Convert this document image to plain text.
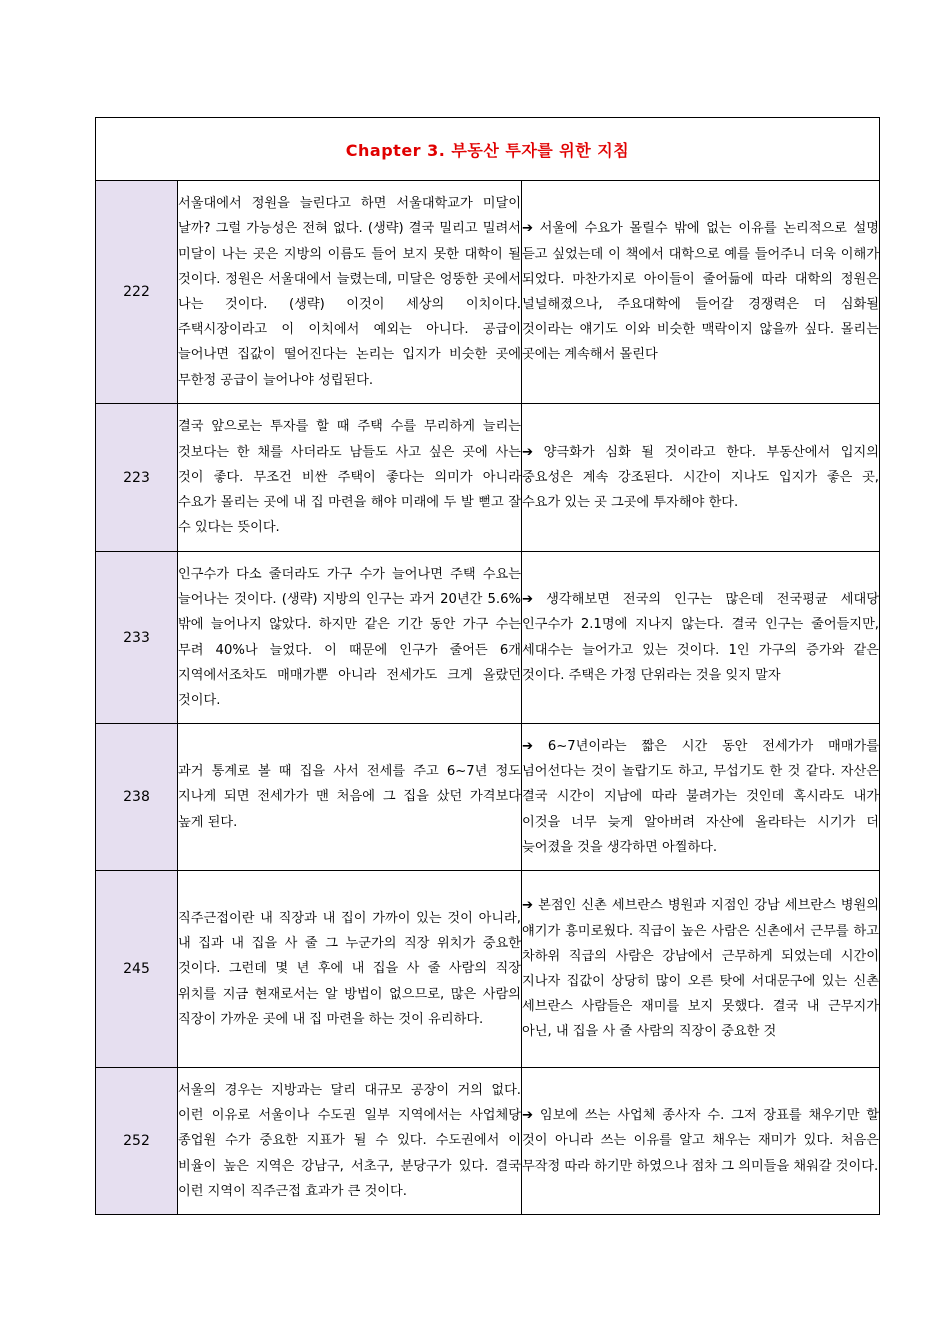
Chapter 3. 부동산 투자를 위한 지침		
222	서울대에서 정원을 늘린다고 하면 서울대학교가 미달이 날까? 그럴 가능성은 전혀 없다. (생략) 결국 밀리고 밀려서 미달이 나는 곳은 지방의 이름도 들어 보지 못한 대학이 될 것이다. 정원은 서울대에서 늘렸는데, 미달은 엉뚱한 곳에서 나는 것이다. (생략) 이것이 세상의 이치이다. 주택시장이라고 이 이치에서 예외는 아니다. 공급이 늘어나면 집값이 떨어진다는 논리는 입지가 비슷한 곳에 무한정 공급이 늘어나야 성립된다.	➔ 서울에 수요가 몰릴수 밖에 없는 이유를 논리적으로 설명 듣고 싶었는데 이 책에서 대학으로 예를 들어주니 더욱 이해가 되었다. 마찬가지로 아이들이 줄어듦에 따라 대학의 정원은 널널해졌으나, 주요대학에 들어갈 경쟁력은 더 심화될 것이라는 얘기도 이와 비슷한 맥락이지 않을까 싶다. 몰리는 곳에는 계속해서 몰린다
223	결국 앞으로는 투자를 할 때 주택 수를 무리하게 늘리는 것보다는 한 채를 사더라도 남들도 사고 싶은 곳에 사는 것이 좋다. 무조건 비싼 주택이 좋다는 의미가 아니라 수요가 몰리는 곳에 내 집 마련을 해야 미래에 두 발 뻗고 잘 수 있다는 뜻이다.	➔ 양극화가 심화 될 것이라고 한다. 부동산에서 입지의 중요성은 계속 강조된다. 시간이 지나도 입지가 좋은 곳, 수요가 있는 곳 그곳에 투자해야 한다.
233	인구수가 다소 줄더라도 가구 수가 늘어나면 주택 수요는 늘어나는 것이다. (생략) 지방의 인구는 과거 20년간 5.6%밖에 늘어나지 않았다. 하지만 같은 기간 동안 가구 수는 무려 40%나 늘었다. 이 때문에 인구가 줄어든 6개 지역에서조차도 매매가뿐 아니라 전세가도 크게 올랐던 것이다.	➔ 생각해보면 전국의 인구는 많은데 전국평균 세대당 인구수가 2.1명에 지나지 않는다. 결국 인구는 줄어들지만, 세대수는 늘어가고 있는 것이다. 1인 가구의 증가와 같은 것이다. 주택은 가정 단위라는 것을 잊지 말자
238	과거 통계로 볼 때 집을 사서 전세를 주고 6~7년 정도 지나게 되면 전세가가 맨 처음에 그 집을 샀던 가격보다 높게 된다.	➔ 6~7년이라는 짧은 시간 동안 전세가가 매매가를 넘어선다는 것이 놀랍기도 하고, 무섭기도 한 것 같다. 자산은 결국 시간이 지남에 따라 불려가는 것인데 혹시라도 내가 이것을 너무 늦게 알아버려 자산에 올라타는 시기가 더 늦어졌을 것을 생각하면 아찔하다.
245	직주근접이란 내 직장과 내 집이 가까이 있는 것이 아니라, 내 집과 내 집을 사 줄 그 누군가의 직장 위치가 중요한 것이다. 그런데 몇 년 후에 내 집을 사 줄 사람의 직장 위치를 지금 현재로서는 알 방법이 없으므로, 많은 사람의 직장이 가까운 곳에 내 집 마련을 하는 것이 유리하다.	➔ 본점인 신촌 세브란스 병원과 지점인 강남 세브란스 병원의 얘기가 흥미로웠다. 직급이 높은 사람은 신촌에서 근무를 하고 차하위 직급의 사람은 강남에서 근무하게 되었는데 시간이 지나자 집값이 상당히 많이 오른 탓에 서대문구에 있는 신촌 세브란스 사람들은 재미를 보지 못했다. 결국 내 근무지가 아닌, 내 집을 사 줄 사람의 직장이 중요한 것
252	서울의 경우는 지방과는 달리 대규모 공장이 거의 없다. 이런 이유로 서울이나 수도권 일부 지역에서는 사업체당 종업원 수가 중요한 지표가 될 수 있다. 수도권에서 이 비율이 높은 지역은 강남구, 서초구, 분당구가 있다. 결국 이런 지역이 직주근접 효과가 큰 것이다.	➔ 임보에 쓰는 사업체 종사자 수. 그저 장표를 채우기만 할 것이 아니라 쓰는 이유를 알고 채우는 재미가 있다. 처음은 무작정 따라 하기만 하였으나 점차 그 의미들을 채워갈 것이다.
